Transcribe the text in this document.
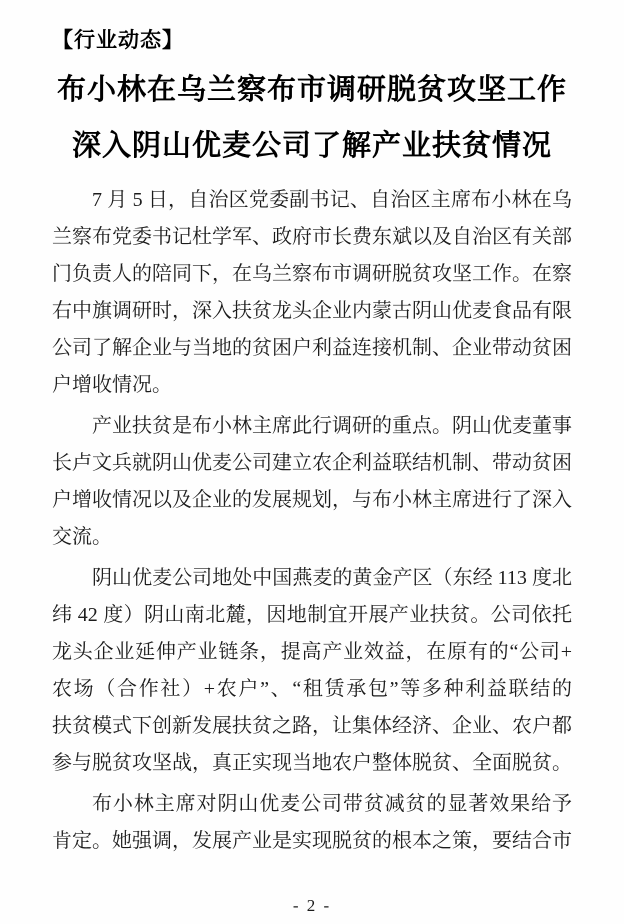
【行业动态】
布小林在乌兰察布市调研脱贫攻坚工作
深入阴山优麦公司了解产业扶贫情况
7 月 5 日，自治区党委副书记、自治区主席布小林在乌
兰察布党委书记杜学军、政府市长费东斌以及自治区有关部
门负责人的陪同下，在乌兰察布市调研脱贫攻坚工作。在察
右中旗调研时，深入扶贫龙头企业内蒙古阴山优麦食品有限
公司了解企业与当地的贫困户利益连接机制、企业带动贫困
户增收情况。
产业扶贫是布小林主席此行调研的重点。阴山优麦董事
长卢文兵就阴山优麦公司建立农企利益联结机制、带动贫困
户增收情况以及企业的发展规划，与布小林主席进行了深入
交流。
阴山优麦公司地处中国燕麦的黄金产区（东经 113 度北
纬 42 度）阴山南北麓，因地制宜开展产业扶贫。公司依托
龙头企业延伸产业链条，提高产业效益，在原有的“公司+
农场（合作社）+农户”、“租赁承包”等多种利益联结的
扶贫模式下创新发展扶贫之路，让集体经济、企业、农户都
参与脱贫攻坚战，真正实现当地农户整体脱贫、全面脱贫。
布小林主席对阴山优麦公司带贫减贫的显著效果给予
肯定。她强调，发展产业是实现脱贫的根本之策，要结合市
- 2 -
